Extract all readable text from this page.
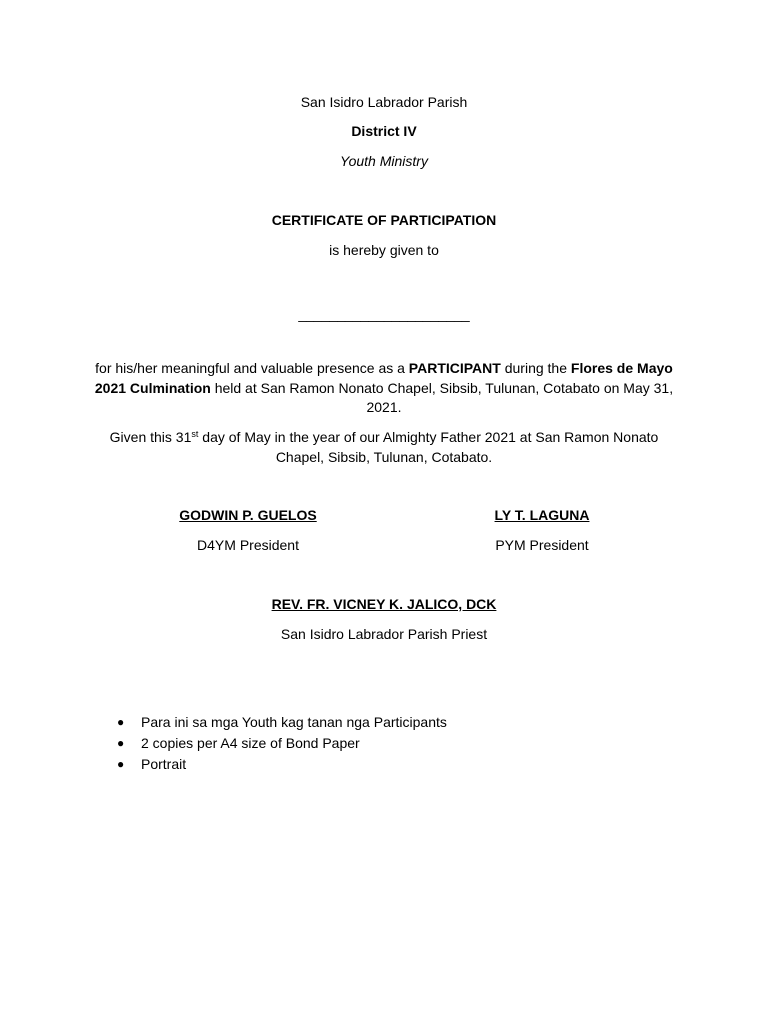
San Isidro Labrador Parish
District IV
Youth Ministry
CERTIFICATE OF PARTICIPATION
is hereby given to
______________________
for his/her meaningful and valuable presence as a PARTICIPANT during the Flores de Mayo 2021 Culmination held at San Ramon Nonato Chapel, Sibsib, Tulunan, Cotabato on May 31, 2021.
Given this 31st day of May in the year of our Almighty Father 2021 at San Ramon Nonato Chapel, Sibsib, Tulunan, Cotabato.
GODWIN P. GUELOS
D4YM President
LY T. LAGUNA
PYM President
REV. FR. VICNEY K. JALICO, DCK
San Isidro Labrador Parish Priest
● Para ini sa mga Youth kag tanan nga Participants
● 2 copies per A4 size of Bond Paper
● Portrait
